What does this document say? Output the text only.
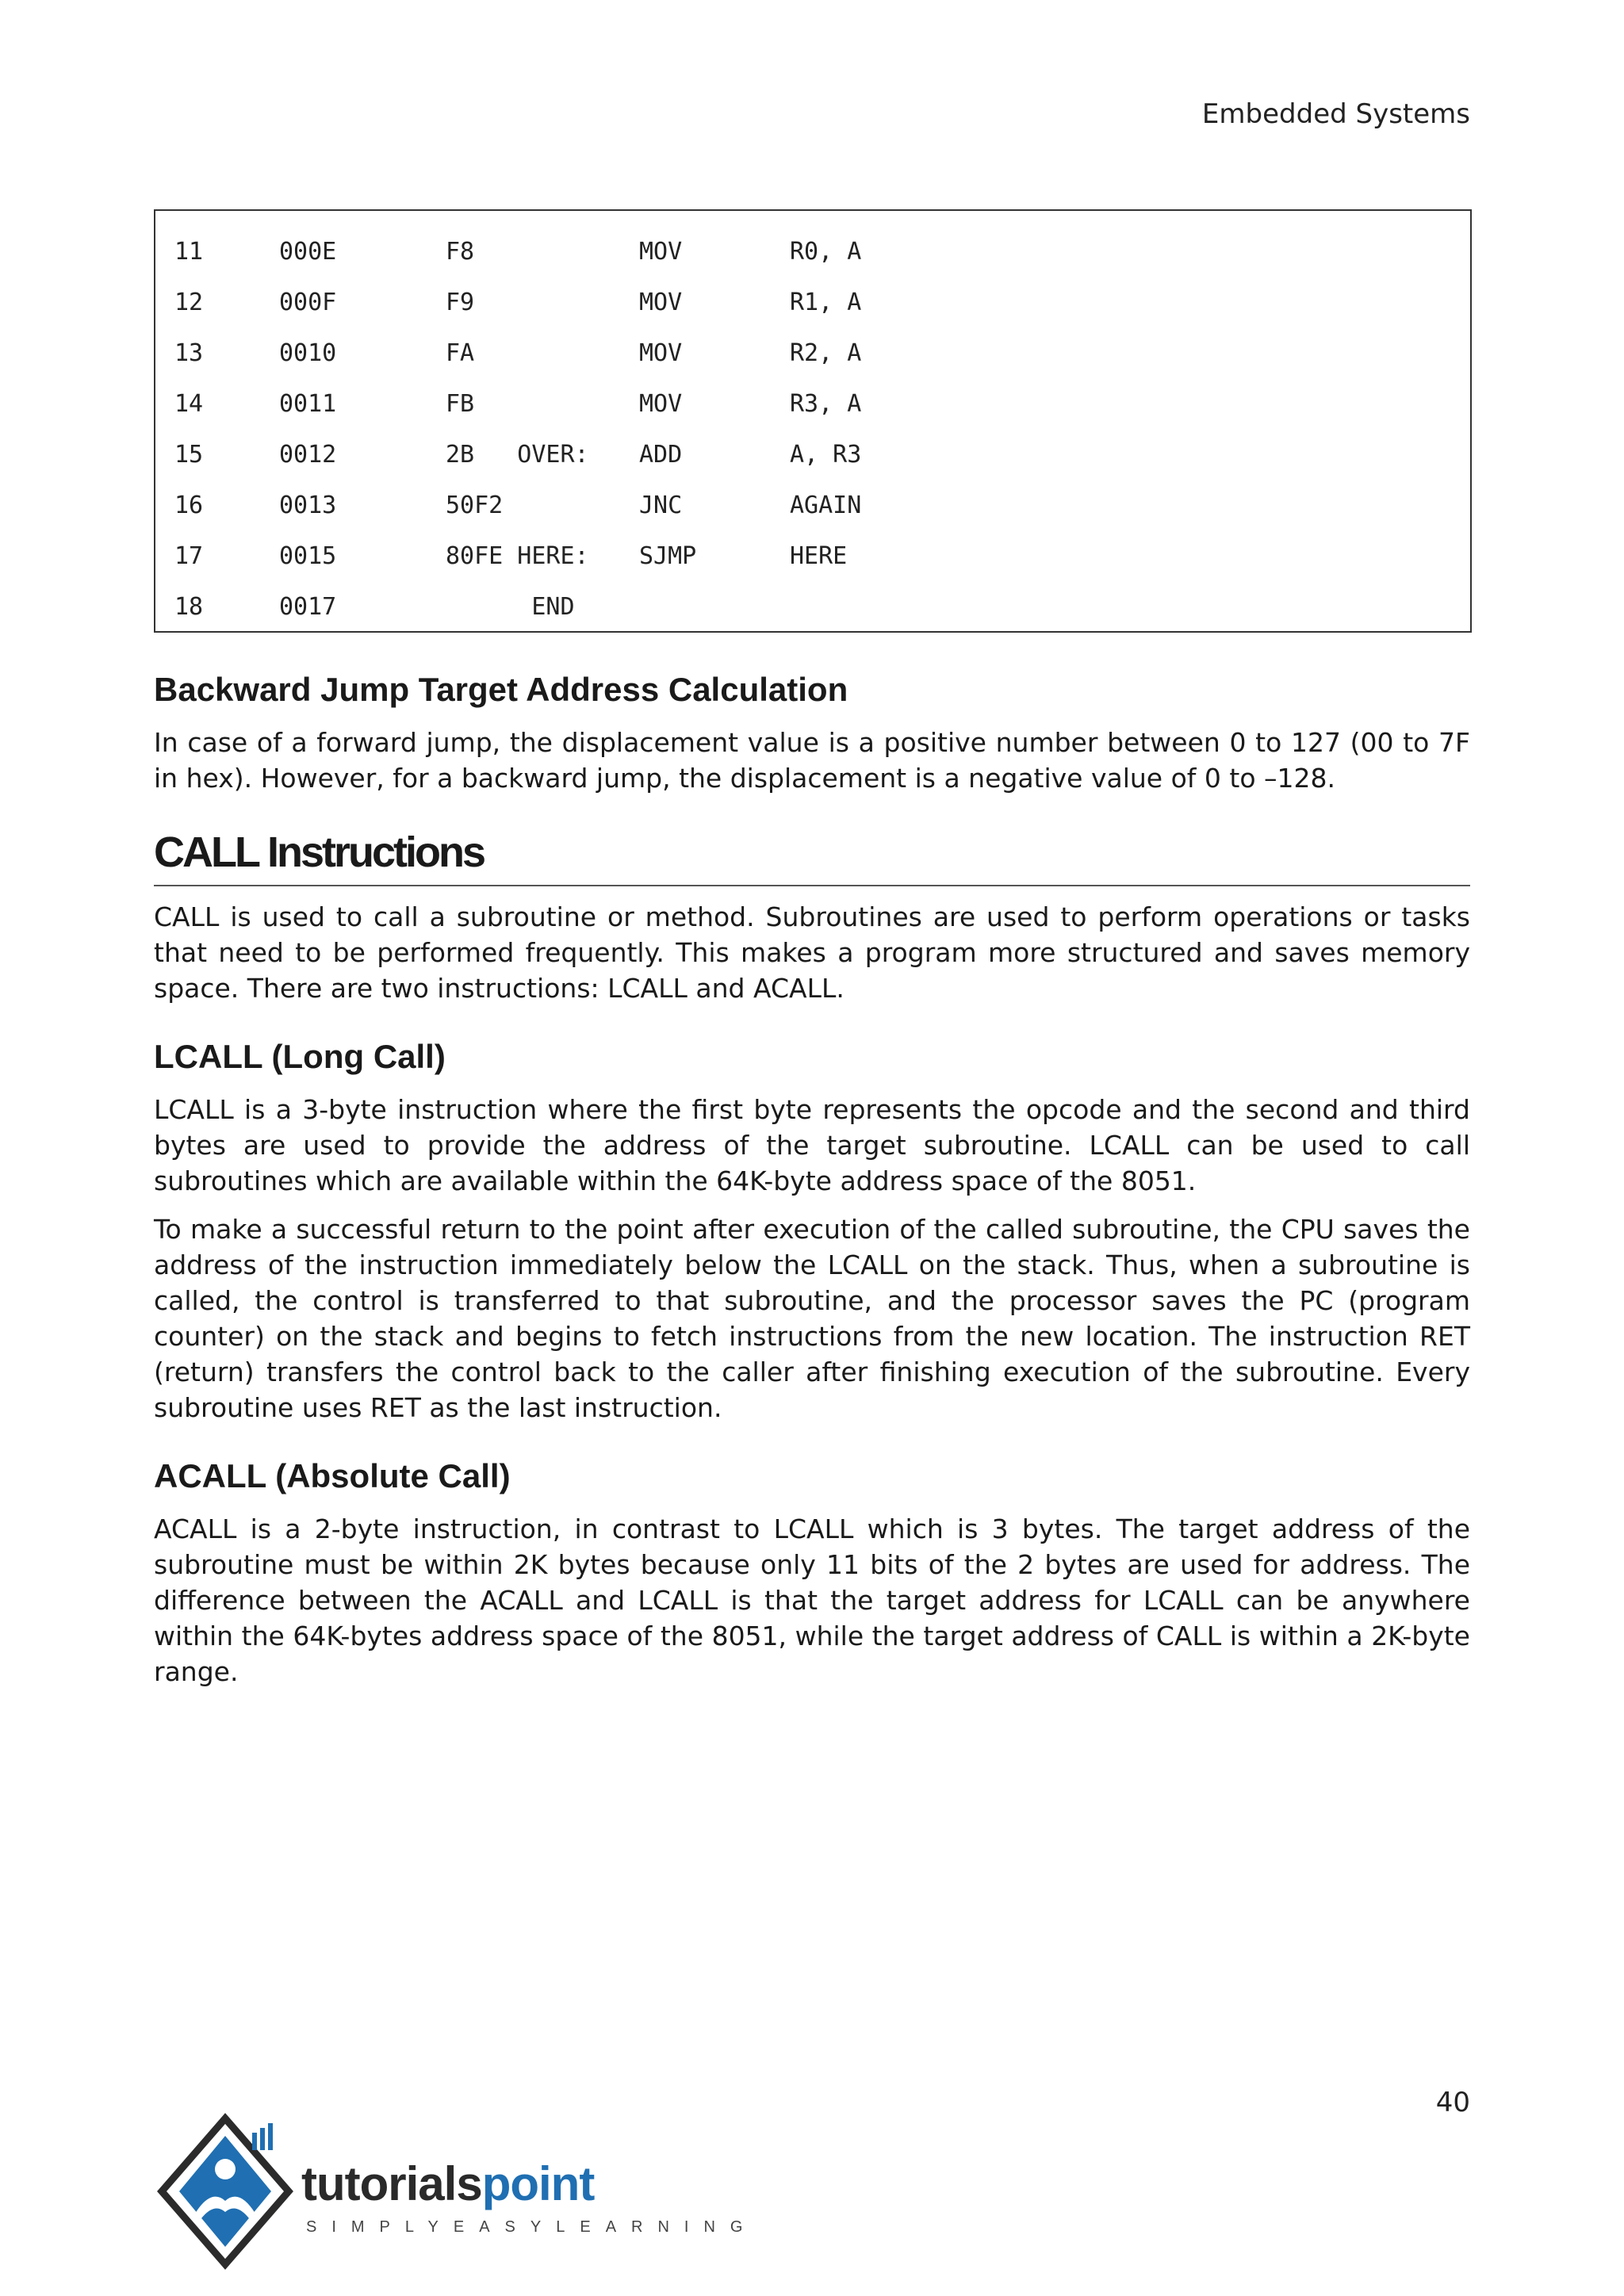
Embedded Systems
11	000E	F8	MOV	R0, A
12	000F	F9	MOV	R1, A
13	0010	FA	MOV	R2, A
14	0011	FB	MOV	R3, A
15	0012	2B   OVER: ADD	A, R3
16	0013	50F2	JNC	AGAIN
17	0015	80FE HERE: SJMP	HERE
18	0017	END
Backward Jump Target Address Calculation

In case of a forward jump, the displacement value is a positive number between 0 to 127 (00 to 7F in hex). However, for a backward jump, the displacement is a negative value of 0 to –128.

CALL Instructions

CALL is used to call a subroutine or method. Subroutines are used to perform operations or tasks that need to be performed frequently. This makes a program more structured and saves memory space. There are two instructions: LCALL and ACALL.

LCALL (Long Call)

LCALL is a 3-byte instruction where the first byte represents the opcode and the second and third bytes are used to provide the address of the target subroutine. LCALL can be used to call subroutines which are available within the 64K-byte address space of the 8051.

To make a successful return to the point after execution of the called subroutine, the CPU saves the address of the instruction immediately below the LCALL on the stack. Thus, when a subroutine is called, the control is transferred to that subroutine, and the processor saves the PC (program counter) on the stack and begins to fetch instructions from the new location. The instruction RET (return) transfers the control back to the caller after finishing execution of the subroutine. Every subroutine uses RET as the last instruction.

ACALL (Absolute Call)

ACALL is a 2-byte instruction, in contrast to LCALL which is 3 bytes. The target address of the subroutine must be within 2K bytes because only 11 bits of the 2 bytes are used for address. The difference between the ACALL and LCALL is that the target address for LCALL can be anywhere within the 64K-bytes address space of the 8051, while the target address of CALL is within a 2K-byte range.

40
tutorialspoint
SIMPLYEASYLEARNING
